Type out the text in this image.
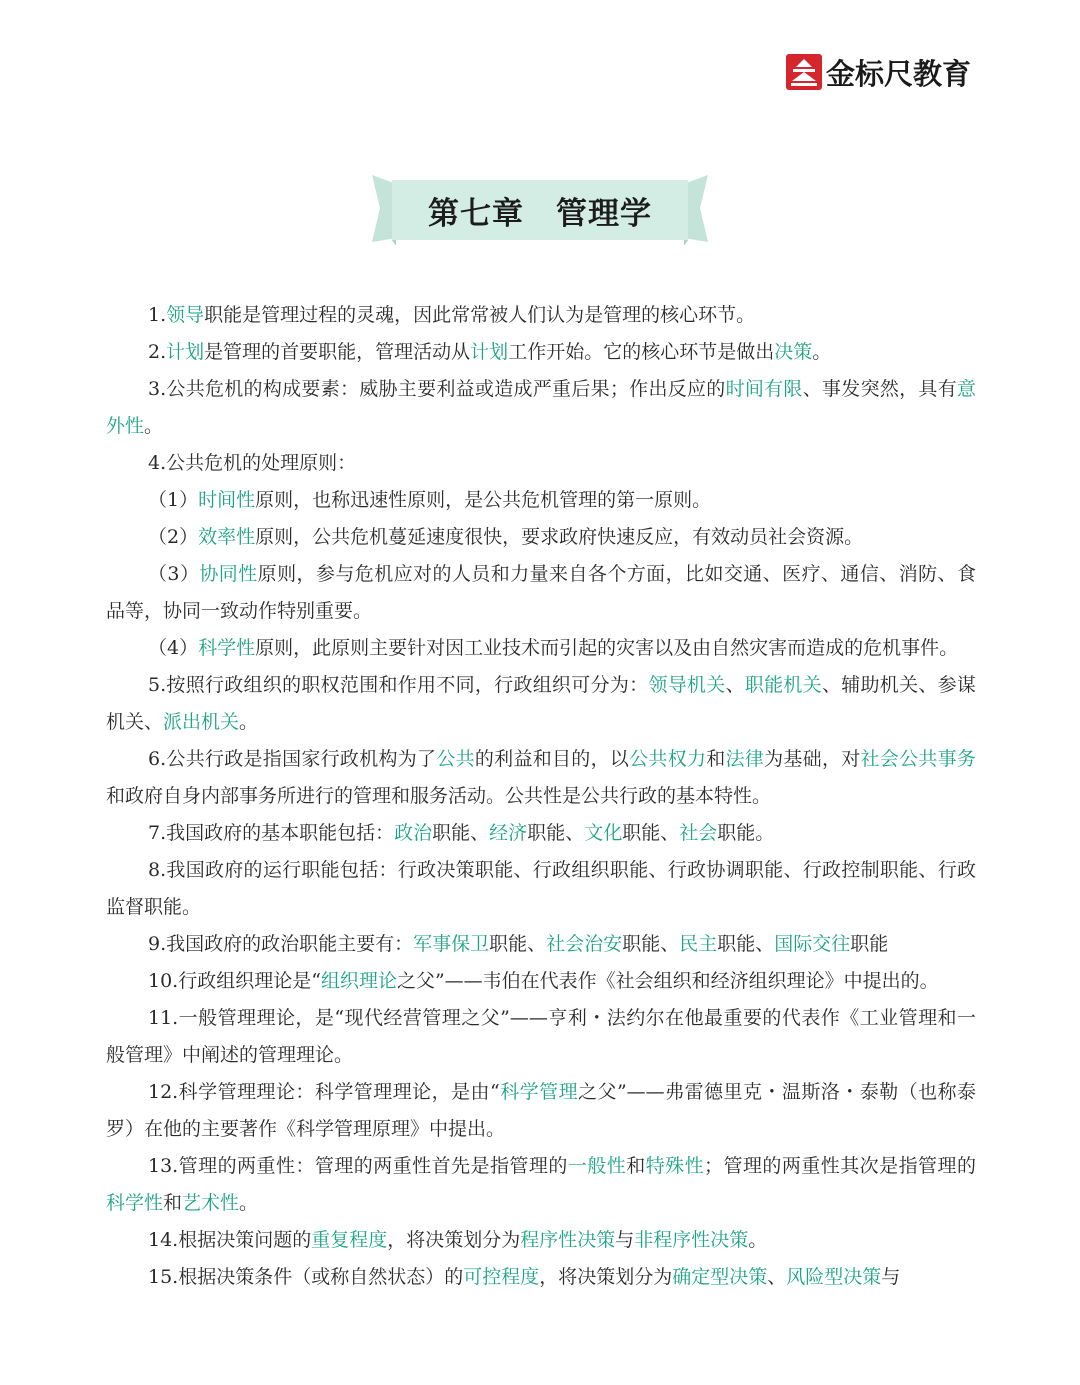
金标尺教育
第七章　管理学

1.领导职能是管理过程的灵魂，因此常常被人们认为是管理的核心环节。

2.计划是管理的首要职能，管理活动从计划工作开始。它的核心环节是做出决策。

3.公共危机的构成要素：威胁主要利益或造成严重后果；作出反应的时间有限、事发突然，具有意外性。

4.公共危机的处理原则：

（1）时间性原则，也称迅速性原则，是公共危机管理的第一原则。

（2）效率性原则，公共危机蔓延速度很快，要求政府快速反应，有效动员社会资源。

（3）协同性原则，参与危机应对的人员和力量来自各个方面，比如交通、医疗、通信、消防、食品等，协同一致动作特别重要。

（4）科学性原则，此原则主要针对因工业技术而引起的灾害以及由自然灾害而造成的危机事件。

5.按照行政组织的职权范围和作用不同，行政组织可分为：领导机关、职能机关、辅助机关、参谋机关、派出机关。

6.公共行政是指国家行政机构为了公共的利益和目的，以公共权力和法律为基础，对社会公共事务和政府自身内部事务所进行的管理和服务活动。公共性是公共行政的基本特性。

7.我国政府的基本职能包括：政治职能、经济职能、文化职能、社会职能。

8.我国政府的运行职能包括：行政决策职能、行政组织职能、行政协调职能、行政控制职能、行政监督职能。

9.我国政府的政治职能主要有：军事保卫职能、社会治安职能、民主职能、国际交往职能

10.行政组织理论是“组织理论之父”——韦伯在代表作《社会组织和经济组织理论》中提出的。

11.一般管理理论，是“现代经营管理之父”——亨利・法约尔在他最重要的代表作《工业管理和一般管理》中阐述的管理理论。

12.科学管理理论：科学管理理论，是由“科学管理之父”——弗雷德里克・温斯洛・泰勒（也称泰罗）在他的主要著作《科学管理原理》中提出。

13.管理的两重性：管理的两重性首先是指管理的一般性和特殊性；管理的两重性其次是指管理的科学性和艺术性。

14.根据决策问题的重复程度，将决策划分为程序性决策与非程序性决策。

15.根据决策条件（或称自然状态）的可控程度，将决策划分为确定型决策、风险型决策与
